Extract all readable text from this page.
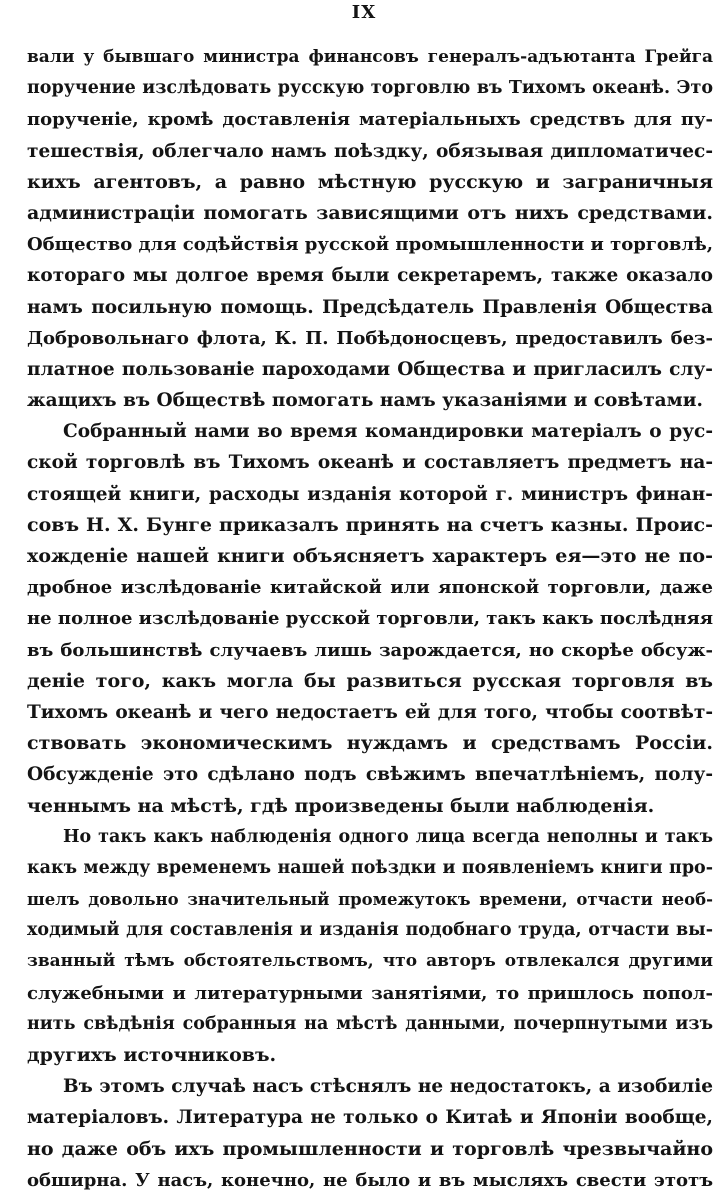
IX
вали у бывшаго министра финансовъ генералъ-адъютанта Грейга
поручение изслѣдовать русскую торговлю въ Тихомъ океанѣ. Это
порученіе, кромѣ доставленія матеріальныхъ средствъ для пу-
тешествія, облегчало намъ поѣздку, обязывая дипломатичес-
кихъ агентовъ, а равно мѣстную русскую и заграничныя
администраціи помогать зависящими отъ нихъ средствами.
Общество для содѣйствія русской промышленности и торговлѣ,
котораго мы долгое время были секретаремъ, также оказало
намъ посильную помощь. Предсѣдатель Правленія Общества
Добровольнаго флота, К. П. Побѣдоносцевъ, предоставилъ без-
платное пользованіе пароходами Общества и пригласилъ слу-
жащихъ въ Обществѣ помогать намъ указаніями и совѣтами.
Собранный нами во время командировки матеріалъ о рус-
ской торговлѣ въ Тихомъ океанѣ и составляетъ предметъ на-
стоящей книги, расходы изданія которой г. министръ финан-
совъ Н. Х. Бунге приказалъ принять на счетъ казны. Проис-
хожденіе нашей книги объясняетъ характеръ ея—это не по-
дробное изслѣдованіе китайской или японской торговли, даже
не полное изслѣдованіе русской торговли, такъ какъ послѣдняя
въ большинствѣ случаевъ лишь зарождается, но скорѣе обсуж-
деніе того, какъ могла бы развиться русская торговля въ
Тихомъ океанѣ и чего недостаетъ ей для того, чтобы соотвѣт-
ствовать экономическимъ нуждамъ и средствамъ Россіи.
Обсужденіе это сдѣлано подъ свѣжимъ впечатлѣніемъ, полу-
ченнымъ на мѣстѣ, гдѣ произведены были наблюденія.
Но такъ какъ наблюденія одного лица всегда неполны и такъ
какъ между временемъ нашей поѣздки и появленіемъ книги про-
шелъ довольно значительный промежутокъ времени, отчасти необ-
ходимый для составленія и изданія подобнаго труда, отчасти вы-
званный тѣмъ обстоятельствомъ, что авторъ отвлекался другими
служебными и литературными занятіями, то пришлось попол-
нить свѣдѣнія собранныя на мѣстѣ данными, почерпнутыми изъ
другихъ источниковъ.
Въ этомъ случаѣ насъ стѣснялъ не недостатокъ, а изобиліе
матеріаловъ. Литература не только о Китаѣ и Японіи вообще,
но даже объ ихъ промышленности и торговлѣ чрезвычайно
обширна. У насъ, конечно, не было и въ мысляхъ свести этотъ
